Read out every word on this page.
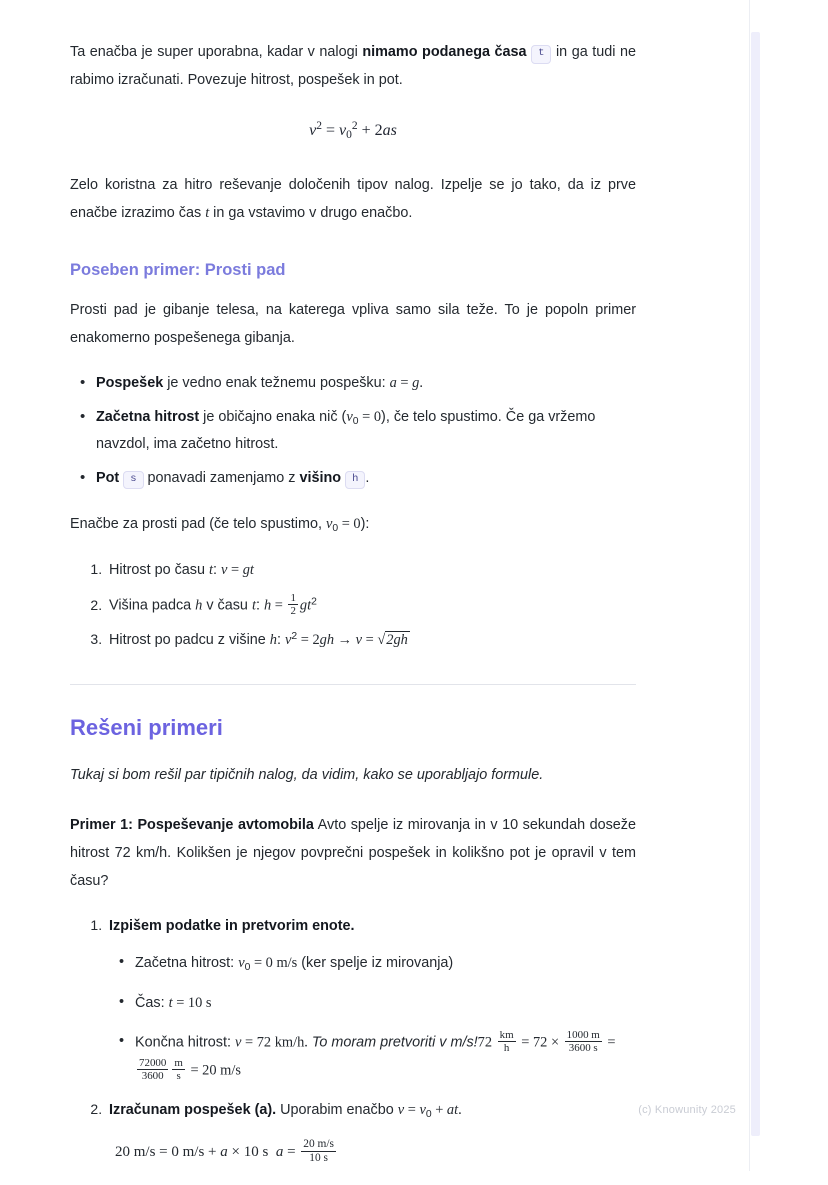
Ta enačba je super uporabna, kadar v nalogi nimamo podanega časa t in ga tudi ne rabimo izračunati. Povezuje hitrost, pospešek in pot.

$v^2 = v_0^2 + 2as$

Zelo koristna za hitro reševanje določenih tipov nalog. Izpelje se jo tako, da iz prve enačbe izrazimo čas t in ga vstavimo v drugo enačbo.

Poseben primer: Prosti pad

Prosti pad je gibanje telesa, na katerega vpliva samo sila teže. To je popoln primer enakomerno pospešenega gibanja.

• Pospešek je vedno enak težnemu pospešku: a = g.
• Začetna hitrost je običajno enaka nič $(v_0 = 0)$, če telo spustimo. Če ga vržemo navzdol, ima začetno hitrost.
• Pot s ponavadi zamenjamo z višino h .

Enačbe za prosti pad (če telo spustimo, $v_0 = 0$):

1. Hitrost po času t: v = gt
2. Višina padca h v času t: $h = \frac{1}{2} gt^2$
3. Hitrost po padcu z višine h: $v^2 = 2gh \to v = √2gh$
Rešeni primeri

Tukaj si bom rešil par tipičnih nalog, da vidim, kako se uporabljajo formule.

Primer 1: Pospeševanje avtomobila Avto speljе iz mirovanja in v 10 sekundah doseže hitrost 72 km/h. Kolikšen je njegov povprečni pospešek in kolikšno pot je opravil v tem času?

1. Izpišem podatke in pretvorim enote.
• Začetna hitrost: $v_0 = 0$ m/s (ker speljе iz mirovanja)
• Čas: t = 10 s
• Končna hitrost: v = 72 km/h. To moram pretvoriti v $m/s!72 \frac{km}{h} = 72 \times \frac{1000 m}{3600 s}$ =
$\frac{72000}{3600} \frac{m}{s} = 20$ m/s
2. Izračunam pospešek (a). Uporabim enačbo $v = v_0$ + at.
20 m/s = 0 m/s + a × 10 s  $a = \frac{20 m/s}{10 s}$
(c) Knowunity 2025
